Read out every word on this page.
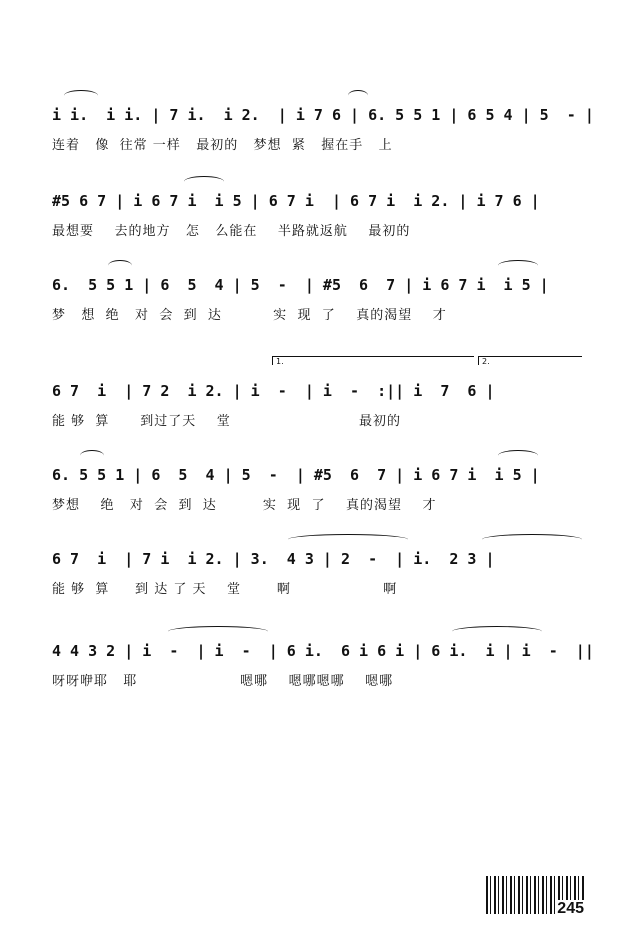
i i.  i i. | 7 i.  i 2.  | i 7 6 | 6. 5 5 1 | 6 5 4 | 5  - |
连着   像  往常 一样   最初的   梦想  紧   握在手   上
#5 6 7 | i 6 7 i  i 5 | 6 7 i  | 6 7 i  i 2. | i 7 6 |
最想要    去的地方   怎   么能在    半路就返航    最初的
6.  5 5 1 | 6  5  4 | 5  -  | #5  6  7 | i 6 7 i  i 5 |
梦   想  绝   对  会  到  达          实  现  了    真的渴望    才
1.	2.
6 7  i  | 7 2  i 2. | i  -  | i  -  :|| i  7  6 |
能 够  算      到过了天    堂                         最初的
6. 5 5 1 | 6  5  4 | 5  -  | #5  6  7 | i 6 7 i  i 5 |
梦想    绝   对  会  到  达         实  现  了    真的渴望    才
6 7  i  | 7 i  i 2. | 3.  4 3 | 2  -  | i.  2 3 |
能 够  算     到 达 了 天    堂       啊                  啊
4 4 3 2 | i  -  | i  -  | 6 i.  6 i 6 i | 6 i.  i | i  -  ||
呀呀咿耶   耶                    嗯哪    嗯哪嗯哪    嗯哪
245
